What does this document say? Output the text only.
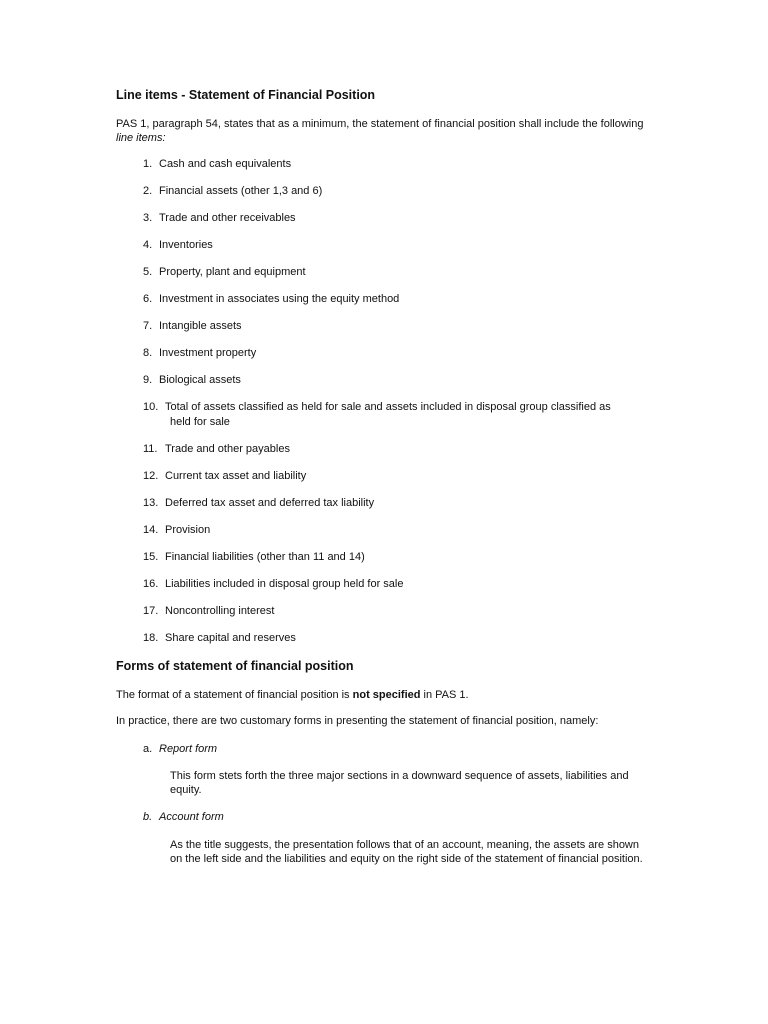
Line items - Statement of Financial Position
PAS 1, paragraph 54, states that as a minimum, the statement of financial position shall include the following line items:
1. Cash and cash equivalents
2. Financial assets (other 1,3 and 6)
3. Trade and other receivables
4. Inventories
5. Property, plant and equipment
6. Investment in associates using the equity method
7. Intangible assets
8. Investment property
9. Biological assets
10. Total of assets classified as held for sale and assets included in disposal group classified as
held for sale
11. Trade and other payables
12. Current tax asset and liability
13. Deferred tax asset and deferred tax liability
14. Provision
15. Financial liabilities (other than 11 and 14)
16. Liabilities included in disposal group held for sale
17. Noncontrolling interest
18. Share capital and reserves
Forms of statement of financial position
The format of a statement of financial position is not specified in PAS 1.
In practice, there are two customary forms in presenting the statement of financial position, namely:
a. Report form
This form stets forth the three major sections in a downward sequence of assets, liabilities and equity.
b. Account form
As the title suggests, the presentation follows that of an account, meaning, the assets are shown on the left side and the liabilities and equity on the right side of the statement of financial position.
